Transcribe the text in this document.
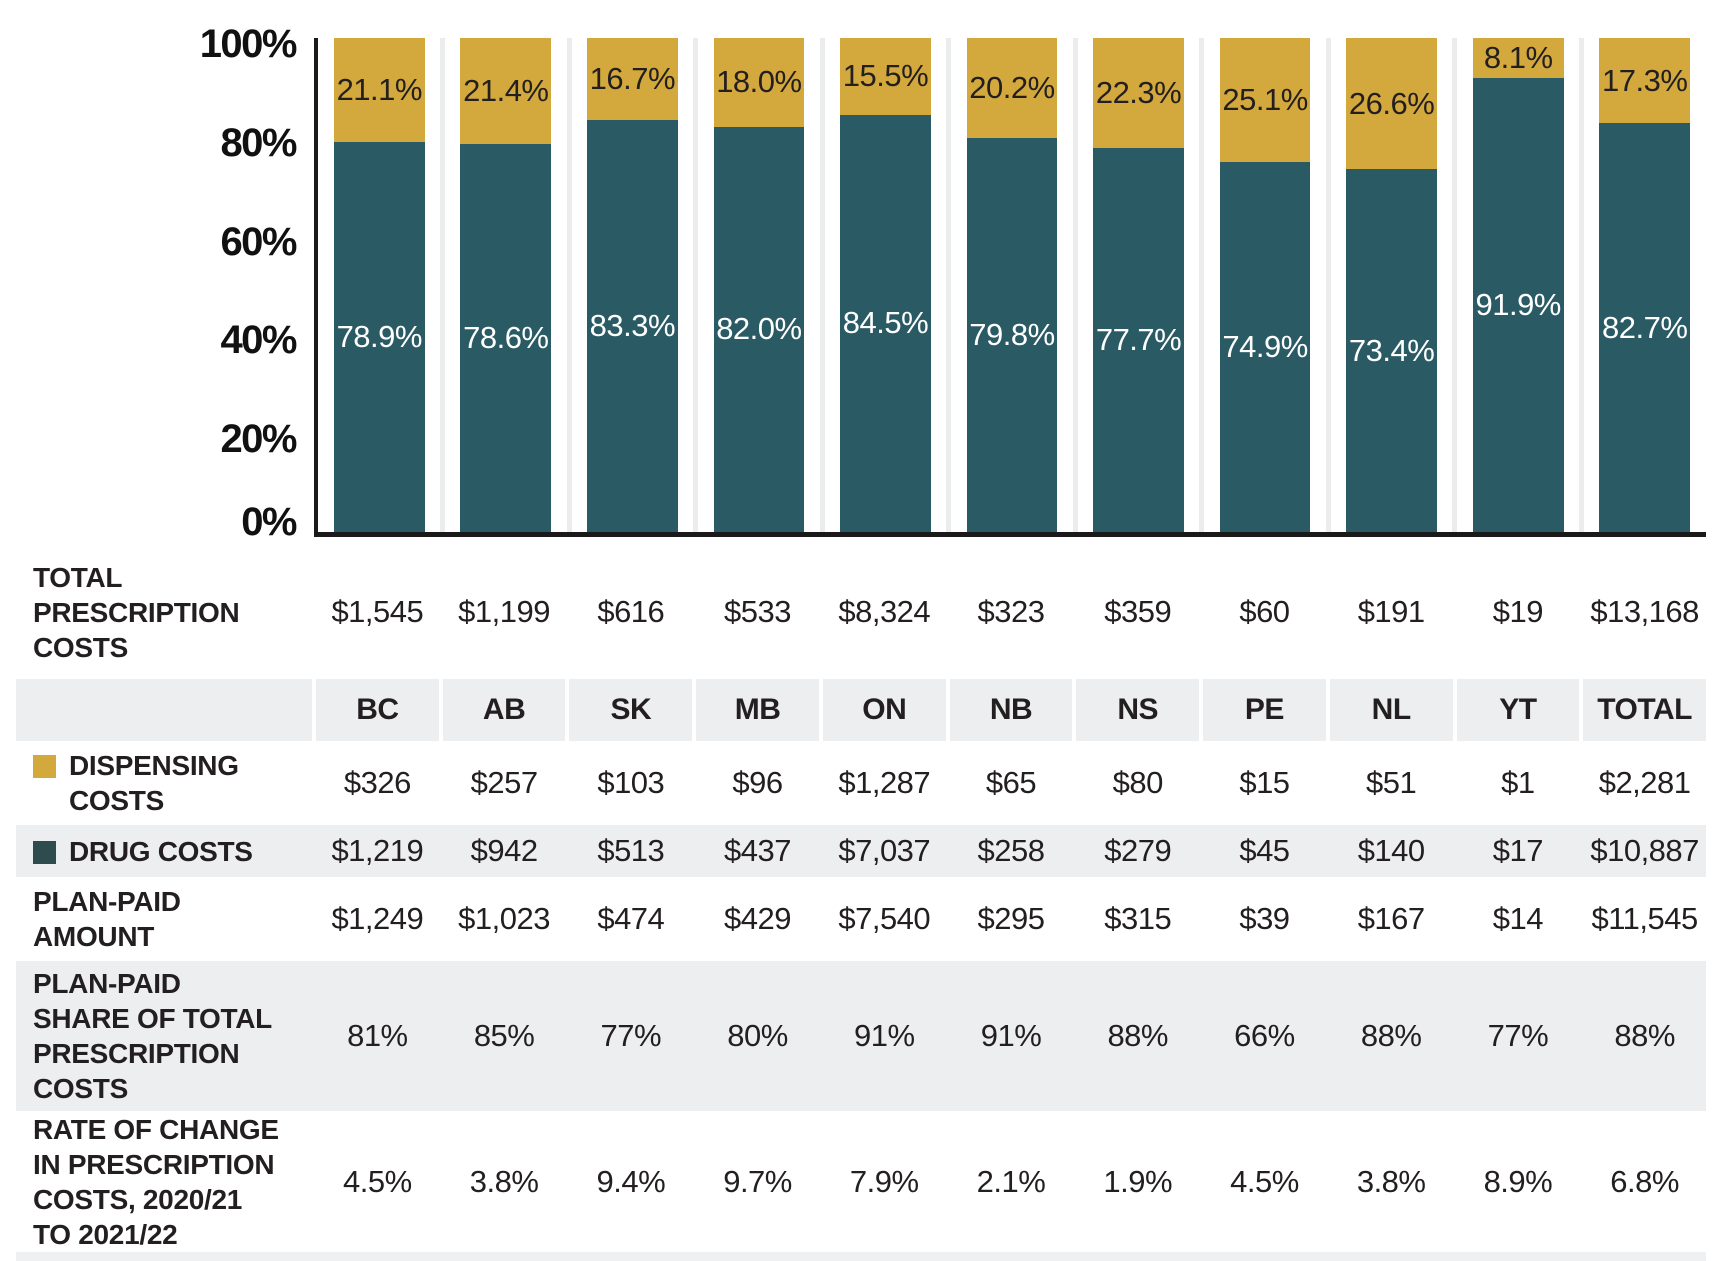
100%
80%
60%
40%
20%
0%
21.1%
78.9%
21.4%
78.6%
16.7%
83.3%
18.0%
82.0%
15.5%
84.5%
20.2%
79.8%
22.3%
77.7%
25.1%
74.9%
26.6%
73.4%
8.1%
91.9%
17.3%
82.7%
TOTAL
PRESCRIPTION
COSTS
$1,545	$1,199	$616	$533	$8,324	$323	$359	$60	$191	$19	$13,168
BC	AB	SK	MB	ON	NB	NS	PE	NL	YT	TOTAL
DISPENSING
COSTS
$326	$257	$103	$96	$1,287	$65	$80	$15	$51	$1	$2,281
DRUG COSTS	$1,219	$942	$513	$437	$7,037	$258	$279	$45	$140	$17	$10,887
PLAN-PAID
AMOUNT
$1,249	$1,023	$474	$429	$7,540	$295	$315	$39	$167	$14	$11,545
PLAN-PAID
SHARE OF TOTAL
PRESCRIPTION
COSTS
81%	85%	77%	80%	91%	91%	88%	66%	88%	77%	88%
RATE OF CHANGE
IN PRESCRIPTION
COSTS, 2020/21
TO 2021/22
4.5%	3.8%	9.4%	9.7%	7.9%	2.1%	1.9%	4.5%	3.8%	8.9%	6.8%
